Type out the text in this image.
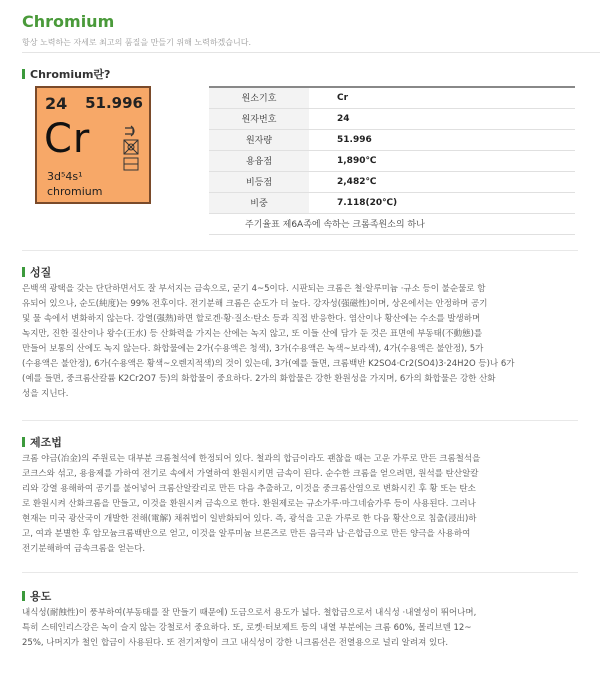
Chromium
항상 노력하는 자세로 최고의 품질을 만들기 위해 노력하겠습니다.
Chromium란?
24 51.996
Cr
3d⁵4s¹
chromium
원소기호	Cr
원자번호	24
원자량	51.996
용융점	1,890℃
비등점	2,482℃
비중	7.118(20℃)
주기율표 제6A족에 속하는 크롬족원소의 하나	
성질
은백색 광택을 갖는 단단하면서도 잘 부서지는 금속으로, 굳기 4~5이다. 시판되는 크롬은 철·알루미늄 ·규소 등이 불순물로 함
유되어 있으나, 순도(純度)는 99% 전후이다. 전기분해 크롬은 순도가 더 높다. 강자성(强磁性)이며, 상온에서는 안정하며 공기
및 물 속에서 변화하지 않는다. 강열(强熱)하면 할로겐·황·질소·탄소 등과 직접 반응한다. 염산이나 황산에는 수소를 발생하며
녹지만, 진한 질산이나 왕수(王水) 등 산화력을 가지는 산에는 녹지 않고, 또 이들 산에 담가 둔 것은 표면에 부동태(不動態)를
만들어 보통의 산에도 녹지 않는다. 화합물에는 2가(수용액은 청색), 3가(수용액은 녹색~보라색), 4가(수용액은 불안정), 5가
(수용액은 불안정), 6가(수용액은 황색~오렌지적색)의 것이 있는데, 3가(예를 들면, 크롬백반 K2SO4·Cr2(SO4)3·24H2O 등)나 6가
(예를 들면, 중크롬산칼륨 K2Cr2O7 등)의 화합물이 중요하다. 2가의 화합물은 강한 환원성을 가지며, 6가의 화합물은 강한 산화
성을 지닌다.
제조법
크롬 야금(冶金)의 주원료는 대부분 크롬철석에 한정되어 있다. 철과의 합금이라도 괜찮을 때는 고운 가루로 만든 크롬철석을
코크스와 섞고, 용융제를 가하여 전기로 속에서 가열하여 환원시키면 금속이 된다. 순수한 크롬을 얻으려면, 원석를 탄산알칼
리와 강열 용해하여 공기를 불어넣어 크롬산알칼리로 만든 다음 추출하고, 이것을 중크롬산염으로 변화시킨 후 황 또는 탄소
로 환원시켜 산화크롬을 만들고, 이것을 환원시켜 금속으로 한다. 환원제로는 규소가루·마그네슘가루 등이 사용된다. 그러나
현재는 미국 광산국이 개발한 전해(電解) 채취법이 일반화되어 있다. 즉, 광석을 고운 가루로 한 다음 황산으로 침출(浸出)하
고, 여과 분별한 후 암모늄크롬백반으로 얻고, 이것을 알루미늄 브론즈로 만든 음극과 납·은합금으로 만든 양극을 사용하여
전기분해하여 금속크롬을 얻는다.
용도
내식성(耐蝕性)이 풍부하여(부동태를 잘 만들기 때문에) 도금으로서 용도가 넓다. 철합금으로서 내식성 ·내열성이 뛰어나며,
특히 스테인리스강은 녹이 슬지 않는 강철로서 중요하다. 또, 로켓·터보제트 등의 내열 부분에는 크롬 60%, 몰리브덴 12~
25%, 나머지가 철인 합금이 사용된다. 또 전기저항이 크고 내식성이 강한 니크롬선은 전열용으로 널리 알려져 있다.
